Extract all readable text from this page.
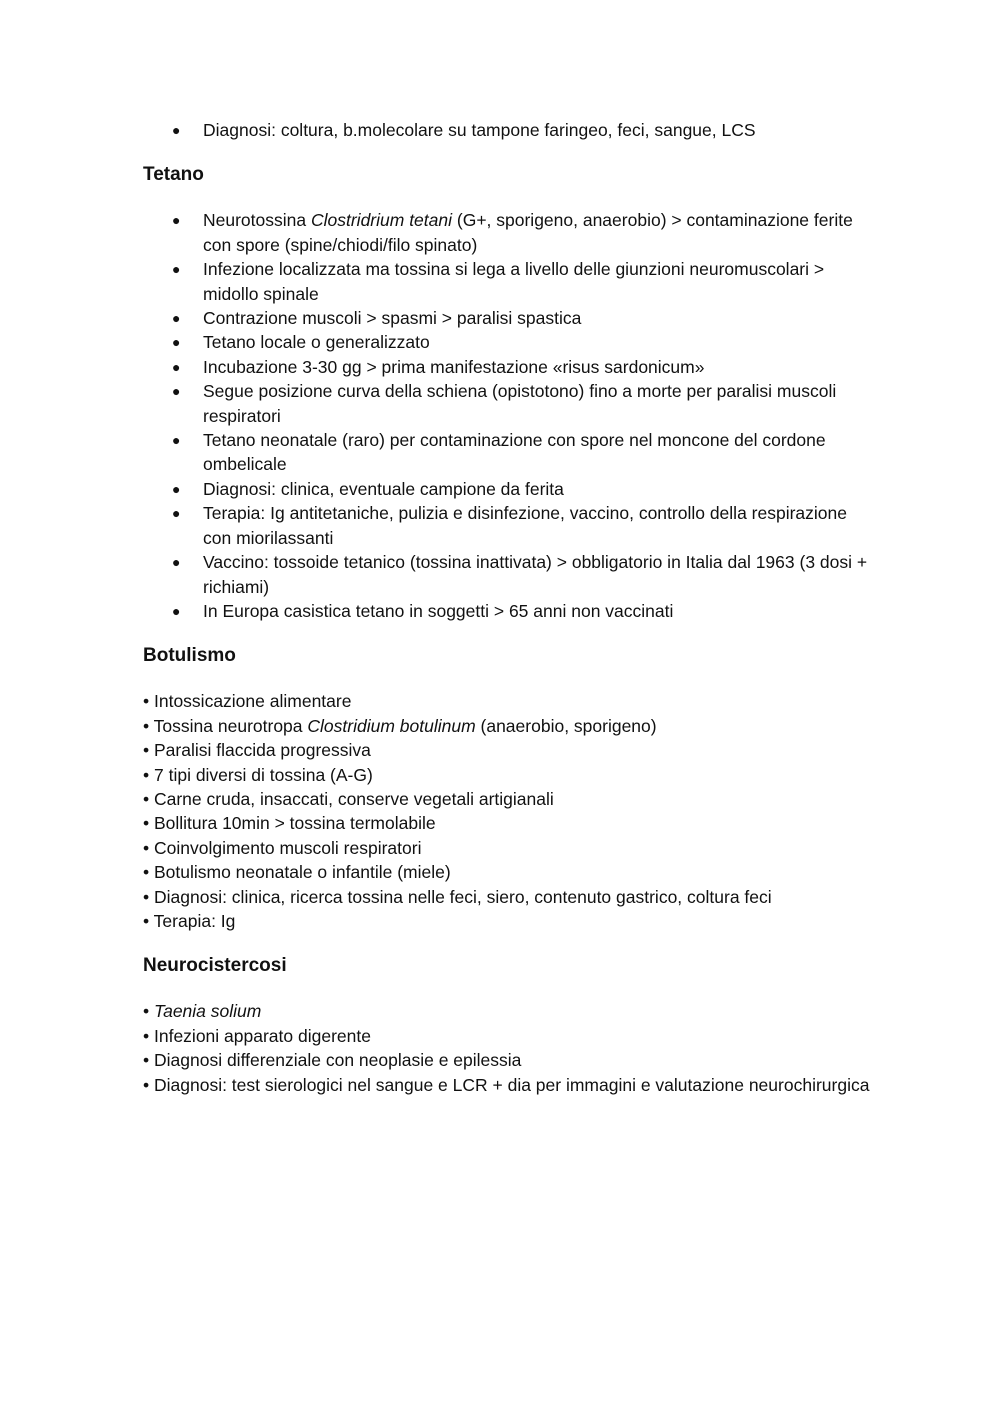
● Diagnosi: coltura, b.molecolare su tampone faringeo, feci, sangue, LCS
Tetano
● Neurotossina Clostridrium tetani (G+, sporigeno, anaerobio) > contaminazione ferite con spore (spine/chiodi/filo spinato)
● Infezione localizzata ma tossina si lega a livello delle giunzioni neuromuscolari > midollo spinale
● Contrazione muscoli > spasmi > paralisi spastica
● Tetano locale o generalizzato
● Incubazione 3-30 gg > prima manifestazione «risus sardonicum»
● Segue posizione curva della schiena (opistotono) fino a morte per paralisi muscoli respiratori
● Tetano neonatale (raro) per contaminazione con spore nel moncone del cordone ombelicale
● Diagnosi: clinica, eventuale campione da ferita
● Terapia: Ig antitetaniche, pulizia e disinfezione, vaccino, controllo della respirazione con miorilassanti
● Vaccino: tossoide tetanico (tossina inattivata) > obbligatorio in Italia dal 1963 (3 dosi + richiami)
● In Europa casistica tetano in soggetti > 65 anni non vaccinati
Botulismo

• Intossicazione alimentare

• Tossina neurotropa Clostridium botulinum (anaerobio, sporigeno)

• Paralisi flaccida progressiva

• 7 tipi diversi di tossina (A-G)

• Carne cruda, insaccati, conserve vegetali artigianali

• Bollitura 10min > tossina termolabile

• Coinvolgimento muscoli respiratori

• Botulismo neonatale o infantile (miele)

• Diagnosi: clinica, ricerca tossina nelle feci, siero, contenuto gastrico, coltura feci

• Terapia: Ig

Neurocistercosi

• Taenia solium

• Infezioni apparato digerente

• Diagnosi differenziale con neoplasie e epilessia

• Diagnosi: test sierologici nel sangue e LCR + dia per immagini e valutazione neurochirurgica
